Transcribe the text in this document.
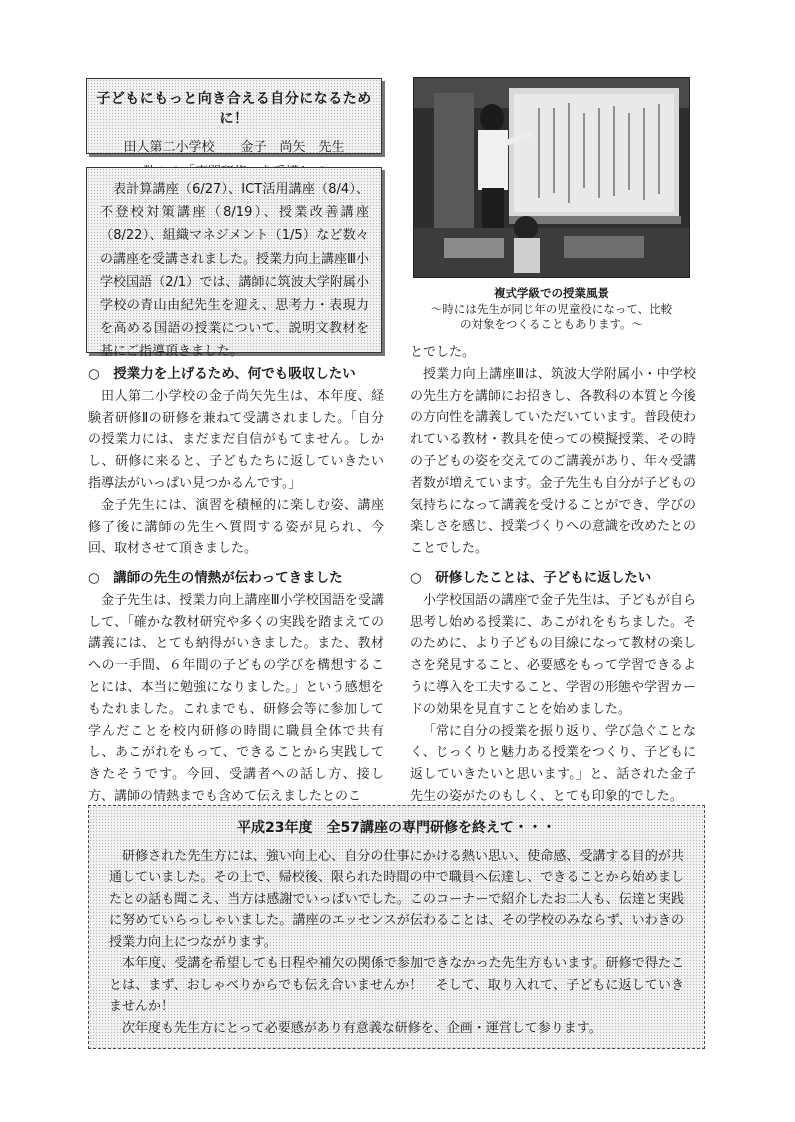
子どもにもっと向き合える自分になるために！
田人第二小学校　　金子　尚矢　先生

表計算講座（6/27）、ICT活用講座（8/4）、不登校対策講座（8/19）、授業改善講座（8/22）、組織マネジメント（1/5）など数々の講座を受講されました。授業力向上講座Ⅲ小学校国語（2/1）では、講師に筑波大学附属小学校の青山由紀先生を迎え、思考力・表現力を高める国語の授業について、説明文教材を基にご指導頂きました。

複式学級での授業風景
～時には先生が同じ年の児童役になって、比較
の対象をつくることもあります。～
○　授業力を上げるため、何でも吸収したい

田人第二小学校の金子尚矢先生は、本年度、経験者研修Ⅱの研修を兼ねて受講されました。「自分の授業力には、まだまだ自信がもてません。しかし、研修に来ると、子どもたちに返していきたい指導法がいっぱい見つかるんです。」

金子先生には、演習を積極的に楽しむ姿、講座修了後に講師の先生へ質問する姿が見られ、今回、取材させて頂きました。

○　講師の先生の情熱が伝わってきました

金子先生は、授業力向上講座Ⅲ小学校国語を受講して、「確かな教材研究や多くの実践を踏まえての講義には、とても納得がいきました。また、教材への一手間、６年間の子どもの学びを構想することには、本当に勉強になりました。」という感想をもたれました。これまでも、研修会等に参加して学んだことを校内研修の時間に職員全体で共有し、あこがれをもって、できることから実践してきたそうです。今回、受講者への話し方、接し方、講師の情熱までも含めて伝えましたとのこ

とでした。

授業力向上講座Ⅲは、筑波大学附属小・中学校の先生方を講師にお招きし、各教科の本質と今後の方向性を講義していただいています。普段使われている教材・教具を使っての模擬授業、その時の子どもの姿を交えてのご講義があり、年々受講者数が増えています。金子先生も自分が子どもの気持ちになって講義を受けることができ、学びの楽しさを感じ、授業づくりへの意識を改めたとのことでした。

○　研修したことは、子どもに返したい

小学校国語の講座で金子先生は、子どもが自ら思考し始める授業に、あこがれをもちました。そのために、より子どもの目線になって教材の楽しさを発見すること、必要感をもって学習できるように導入を工夫すること、学習の形態や学習カードの効果を見直すことを始めました。

「常に自分の授業を振り返り、学び急ぐことなく、じっくりと魅力ある授業をつくり、子どもに返していきたいと思います。」と、話された金子先生の姿がたのもしく、とても印象的でした。

平成23年度　全57講座の専門研修を終えて・・・

研修された先生方には、強い向上心、自分の仕事にかける熱い思い、使命感、受講する目的が共通していました。その上で、帰校後、限られた時間の中で職員へ伝達し、できることから始めましたとの話も聞こえ、当方は感謝でいっぱいでした。このコーナーで紹介したお二人も、伝達と実践に努めていらっしゃいました。講座のエッセンスが伝わることは、その学校のみならず、いわきの授業力向上につながります。

本年度、受講を希望しても日程や補欠の関係で参加できなかった先生方もいます。研修で得たことは、まず、おしゃべりからでも伝え合いませんか！　そして、取り入れて、子どもに返していきませんか！

次年度も先生方にとって必要感があり有意義な研修を、企画・運営して参ります。
